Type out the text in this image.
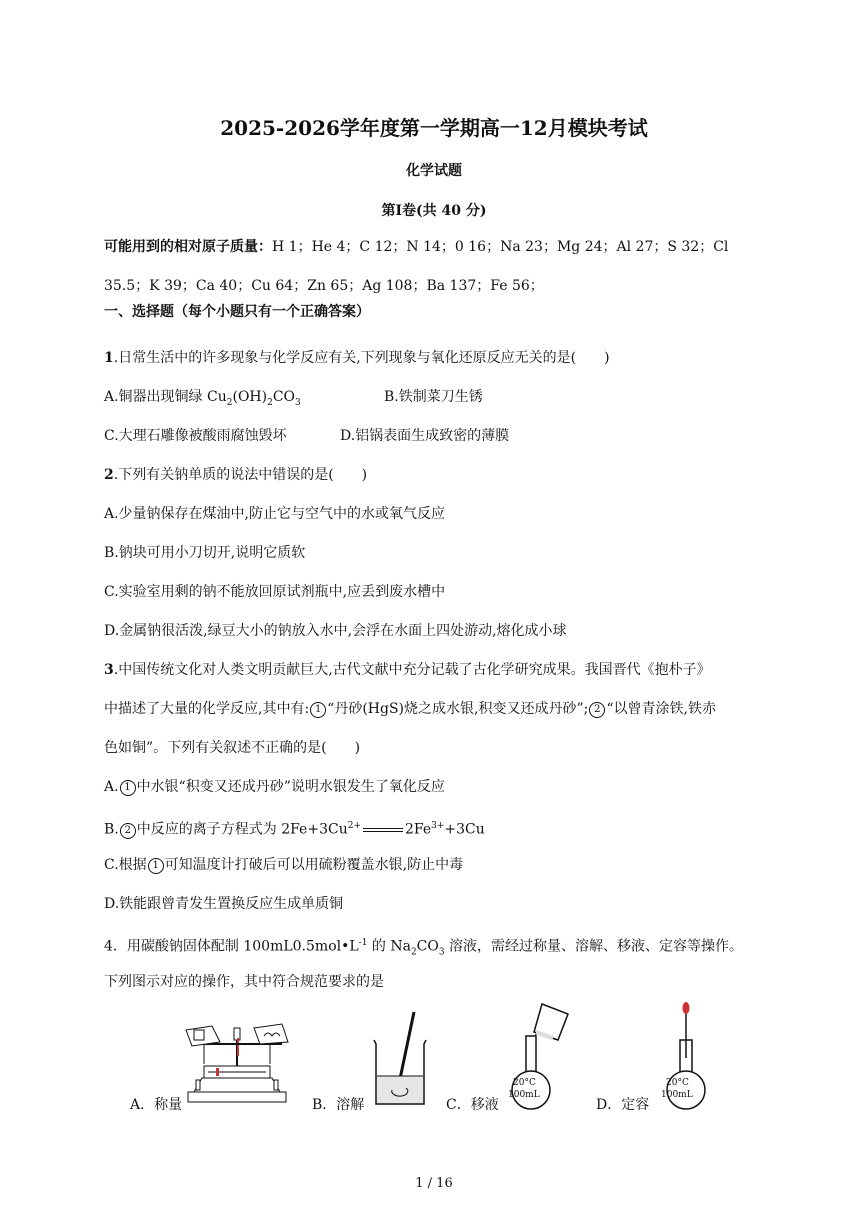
2025-2026学年度第一学期高一12月模块考试
化学试题
第Ⅰ卷(共 40 分)
可能用到的相对原子质量：H 1；He 4；C 12；N 14；0 16；Na 23；Mg 24；Al 27；S 32；Cl
35.5；K 39；Ca 40；Cu 64；Zn 65；Ag 108；Ba 137；Fe 56；
一、选择题（每个小题只有一个正确答案）
1.日常生活中的许多现象与化学反应有关,下列现象与氧化还原反应无关的是(　　)
A.铜器出现铜绿 $Cu_2(OH)_2CO_3$	B.铁制菜刀生锈
C.大理石雕像被酸雨腐蚀毁坏	D.铝锅表面生成致密的薄膜
2.下列有关钠单质的说法中错误的是(　　)
A.少量钠保存在煤油中,防止它与空气中的水或氧气反应
B.钠块可用小刀切开,说明它质软
C.实验室用剩的钠不能放回原试剂瓶中,应丢到废水槽中
D.金属钠很活泼,绿豆大小的钠放入水中,会浮在水面上四处游动,熔化成小球
3.中国传统文化对人类文明贡献巨大,古代文献中充分记载了古化学研究成果。我国晋代《抱朴子》
中描述了大量的化学反应,其中有: 1 “丹砂(HgS)烧之成水银,积变又还成丹砂”; 2 “以曾青涂铁,铁赤
色如铜”。下列有关叙述不正确的是(　　)
A. 1 中水银“积变又还成丹砂”说明水银发生了氧化反应
B. 2 中反应的离子方程式为 $2Fe+3Cu^{2+}$	$2Fe^{3+}+3Cu$
C.根据 1 可知温度计打破后可以用硫粉覆盖水银,防止中毒
D.铁能跟曾青发生置换反应生成单质铜
4．用碳酸钠固体配制 $100mL0.5mol•L^{-1}$ 的 $Na_2CO_3$ 溶液，需经过称量、溶解、移液、定容等操作。
下列图示对应的操作，其中符合规范要求的是
A．称量	B．溶解
20°C
100mL
C．移液
20°C
100mL
D．定容
1 / 16
